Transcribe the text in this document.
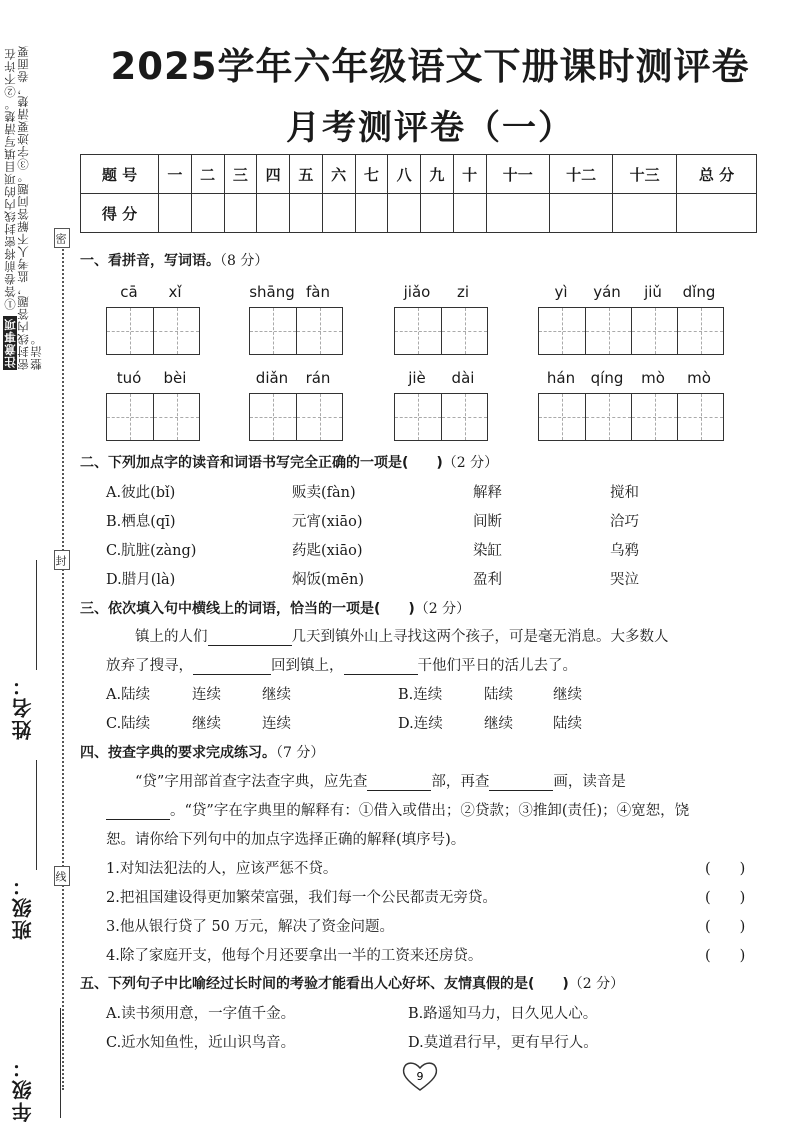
注意事项①答卷前将密封线内的项目填写清楚。②不许在密封线内答题，监考人不解答问题。③字迹要清楚，卷面要整洁。
密
封
线
姓名：
班级：
年级：
2025学年六年级语文下册课时测评卷
月考测评卷（一）
题 号	一	二	三	四	五	六	七	八	九	十	十一	十二	十三	总 分
得 分														
一、看拼音，写词语。（8 分）
cā	xǐ	shāng fàn	jiǎo	zi	yì	yán	jiǔ	dǐng
tuó	bèi	diǎn	rán	jiè	dài	hán	qíng	mò	mò
二、下列加点字的读音和词语书写完全正确的一项是(　　)（2 分）
A.彼此(bǐ)	贩卖(fàn)	解释	搅和
B.栖息(qī)	元宵(xiāo)	间断	洽巧
C.肮脏(zàng)	药匙(xiāo)	染缸	乌鸦
D.腊月(là)	焖饭(mēn)	盈利	哭泣
三、依次填入句中横线上的词语，恰当的一项是(　　)（2 分）
镇上的人们	几天到镇外山上寻找这两个孩子，可是毫无消息。大多数人
放弃了搜寻，	回到镇上，	干他们平日的活儿去了。
A.陆续	连续	继续	B.连续	陆续	继续
C.陆续	继续	连续	D.连续	继续	陆续
四、按查字典的要求完成练习。（7 分）
“贷”字用部首查字法查字典，应先查	部，再查	画，读音是
。“贷”字在字典里的解释有：①借入或借出；②贷款；③推卸(责任)；④宽恕，饶
恕。请你给下列句中的加点字选择正确的解释(填序号)。
1.对知法犯法的人，应该严惩不贷。	(　　)
2.把祖国建设得更加繁荣富强，我们每一个公民都责无旁贷。	(　　)
3.他从银行贷了 50 万元，解决了资金问题。	(　　)
4.除了家庭开支，他每个月还要拿出一半的工资来还房贷。	(　　)
五、下列句子中比喻经过长时间的考验才能看出人心好坏、友情真假的是(　　)（2 分）
A.读书须用意，一字值千金。	B.路遥知马力，日久见人心。
C.近水知鱼性，近山识鸟音。	D.莫道君行早，更有早行人。
9
